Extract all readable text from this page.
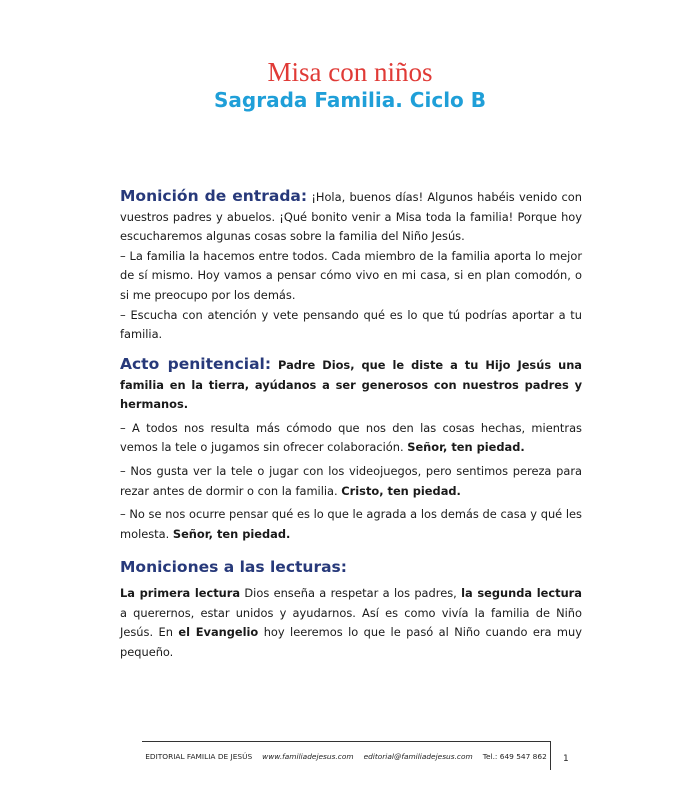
Misa con niños
Sagrada Familia. Ciclo B

Monición de entrada: ¡Hola, buenos días! Algunos habéis venido con vuestros padres y abuelos. ¡Qué bonito venir a Misa toda la familia! Porque hoy escucharemos algunas cosas sobre la familia del Niño Jesús.

– La familia la hacemos entre todos. Cada miembro de la familia aporta lo mejor de sí mismo. Hoy vamos a pensar cómo vivo en mi casa, si en plan comodón, o si me preocupo por los demás.

– Escucha con atención y vete pensando qué es lo que tú podrías aportar a tu familia.

Acto penitencial: Padre Dios, que le diste a tu Hijo Jesús una familia en la tierra, ayúdanos a ser generosos con nuestros padres y hermanos.

– A todos nos resulta más cómodo que nos den las cosas hechas, mientras vemos la tele o jugamos sin ofrecer colaboración. Señor, ten piedad.

– Nos gusta ver la tele o jugar con los videojuegos, pero sentimos pereza para rezar antes de dormir o con la familia. Cristo, ten piedad.

– No se nos ocurre pensar qué es lo que le agrada a los demás de casa y qué les molesta. Señor, ten piedad.

Moniciones a las lecturas:

La primera lectura Dios enseña a respetar a los padres, la segunda lectura a querernos, estar unidos y ayudarnos. Así es como vivía la familia de Niño Jesús. En el Evangelio hoy leeremos lo que le pasó al Niño cuando era muy pequeño.

EDITORIAL FAMILIA DE JESÚS www.familiadejesus.com editorial@familiadejesus.com Tel.: 649 547 862 1
